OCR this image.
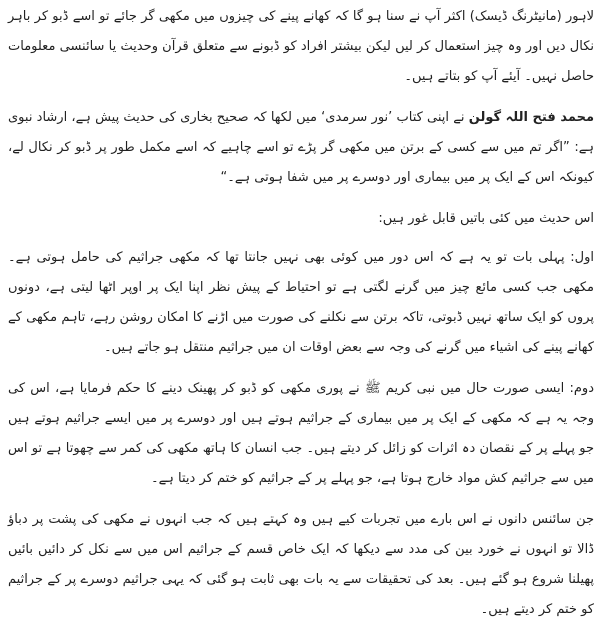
لاہور (مانیٹرنگ ڈیسک) اکثر آپ نے سنا ہو گا کہ کھانے پینے کی چیزوں میں مکھی گر جائے تو اسے ڈبو کر باہر نکال دیں اور وہ چیز استعمال کر لیں لیکن بیشتر افراد کو ڈبونے سے متعلق قرآن وحدیث یا سائنسی معلومات حاصل نہیں۔ آیئے آپ کو بتاتے ہیں۔

محمد فتح اللہ گولن نے اپنی کتاب ’نور سرمدی‘ میں لکھا کہ صحیح بخاری کی حدیث پیش ہے، ارشاد نبوی ہے: ”اگر تم میں سے کسی کے برتن میں مکھی گر پڑے تو اسے چاہیے کہ اسے مکمل طور پر ڈبو کر نکال لے، کیونکہ اس کے ایک پر میں بیماری اور دوسرے پر میں شفا ہوتی ہے۔“

اس حدیث میں کئی باتیں قابل غور ہیں:

اول: پہلی بات تو یہ ہے کہ اس دور میں کوئی بھی نہیں جانتا تھا کہ مکھی جراثیم کی حامل ہوتی ہے۔ مکھی جب کسی مائع چیز میں گرنے لگتی ہے تو احتیاط کے پیش نظر اپنا ایک پر اوپر اٹھا لیتی ہے، دونوں پروں کو ایک ساتھ نہیں ڈبوتی، تاکہ برتن سے نکلنے کی صورت میں اڑنے کا امکان روشن رہے، تاہم مکھی کے کھانے پینے کی اشیاء میں گرنے کی وجہ سے بعض اوقات ان میں جراثیم منتقل ہو جاتے ہیں۔

دوم: ایسی صورت حال میں نبی کریم ﷺ نے پوری مکھی کو ڈبو کر پھینک دینے کا حکم فرمایا ہے، اس کی وجہ یہ ہے کہ مکھی کے ایک پر میں بیماری کے جراثیم ہوتے ہیں اور دوسرے پر میں ایسے جراثیم ہوتے ہیں جو پہلے پر کے نقصان دہ اثرات کو زائل کر دیتے ہیں۔ جب انسان کا ہاتھ مکھی کی کمر سے چھوتا ہے تو اس میں سے جراثیم کش مواد خارج ہوتا ہے، جو پہلے پر کے جراثیم کو ختم کر دیتا ہے۔

جن سائنس دانوں نے اس بارے میں تجربات کیے ہیں وہ کہتے ہیں کہ جب انہوں نے مکھی کی پشت پر دباؤ ڈالا تو انہوں نے خورد بین کی مدد سے دیکھا کہ ایک خاص قسم کے جراثیم اس میں سے نکل کر دائیں بائیں پھیلنا شروع ہو گئے ہیں۔ بعد کی تحقیقات سے یہ بات بھی ثابت ہو گئی کہ یہی جراثیم دوسرے پر کے جراثیم کو ختم کر دیتے ہیں۔
